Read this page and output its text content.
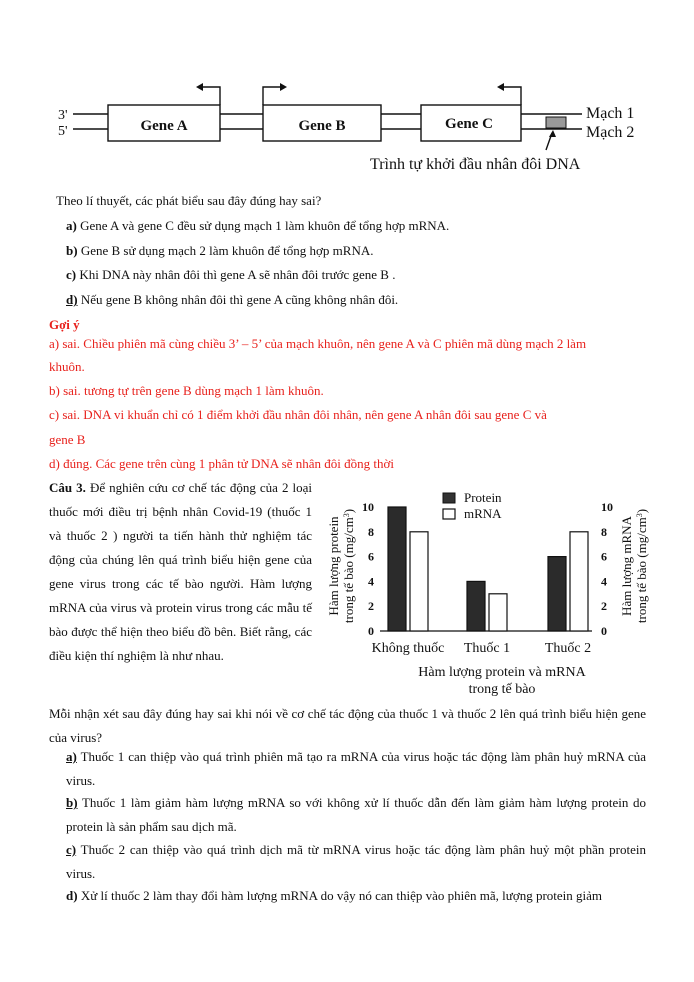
3'
5'	Gene A	Gene B	Gene C
Mạch 1
Mạch 2
Trình tự khởi đầu nhân đôi DNA
Theo lí thuyết, các phát biểu sau đây đúng hay sai?
a) Gene A và gene C đều sử dụng mạch 1 làm khuôn để tổng hợp mRNA.
b) Gene B sử dụng mạch 2 làm khuôn để tổng hợp mRNA.
c) Khi DNA này nhân đôi thì gene A sẽ nhân đôi trước gene B .
d) Nếu gene B không nhân đôi thì gene A cũng không nhân đôi.
Gợi ý
a) sai. Chiều phiên mã cùng chiều 3’ – 5’ của mạch khuôn, nên gene A và C phiên mã dùng mạch 2 làm
khuôn.
b) sai. tương tự trên gene B dùng mạch 1 làm khuôn.
c) sai. DNA vi khuẩn chỉ có 1 điểm khởi đầu nhân đôi nhân, nên gene A nhân đôi sau gene C và
gene B
d) đúng. Các gene trên cùng 1 phân tử DNA sẽ nhân đôi đồng thời
Câu 3. Để nghiên cứu cơ chế tác động của 2 loại thuốc mới điều trị bệnh nhân Covid-19 (thuốc 1 và thuốc 2 ) người ta tiến hành thử nghiệm tác động của chúng lên quá trình biểu hiện gene của gene virus trong các tế bào người. Hàm lượng mRNA của virus và protein virus trong các mẫu tế bào được thể hiện theo biểu đồ bên. Biết rằng, các điều kiện thí nghiệm là như nhau.	Không thuốc Thuốc 1 Thuốc 2
0	0
2	2
4	4
6	6
8	8
10	10
Protein
mRNA
Hàm lượng protein trong tế bào $(mg/cm^3)$
Hàm lượng mRNA trong tế bào $(mg/cm^3)$
Hàm lượng protein và mRNA
trong tế bào
Mỗi nhận xét sau đây đúng hay sai khi nói về cơ chế tác động của thuốc 1 và thuốc 2 lên quá trình biểu hiện gene của virus?
a) Thuốc 1 can thiệp vào quá trình phiên mã tạo ra mRNA của virus hoặc tác động làm phân huỷ mRNA của virus.
b) Thuốc 1 làm giảm hàm lượng mRNA so với không xử lí thuốc dẫn đến làm giảm hàm lượng protein do protein là sản phẩm sau dịch mã.
c) Thuốc 2 can thiệp vào quá trình dịch mã từ mRNA virus hoặc tác động làm phân huỷ một phần protein virus.
d) Xử lí thuốc 2 làm thay đổi hàm lượng mRNA do vậy nó can thiệp vào phiên mã, lượng protein giảm
